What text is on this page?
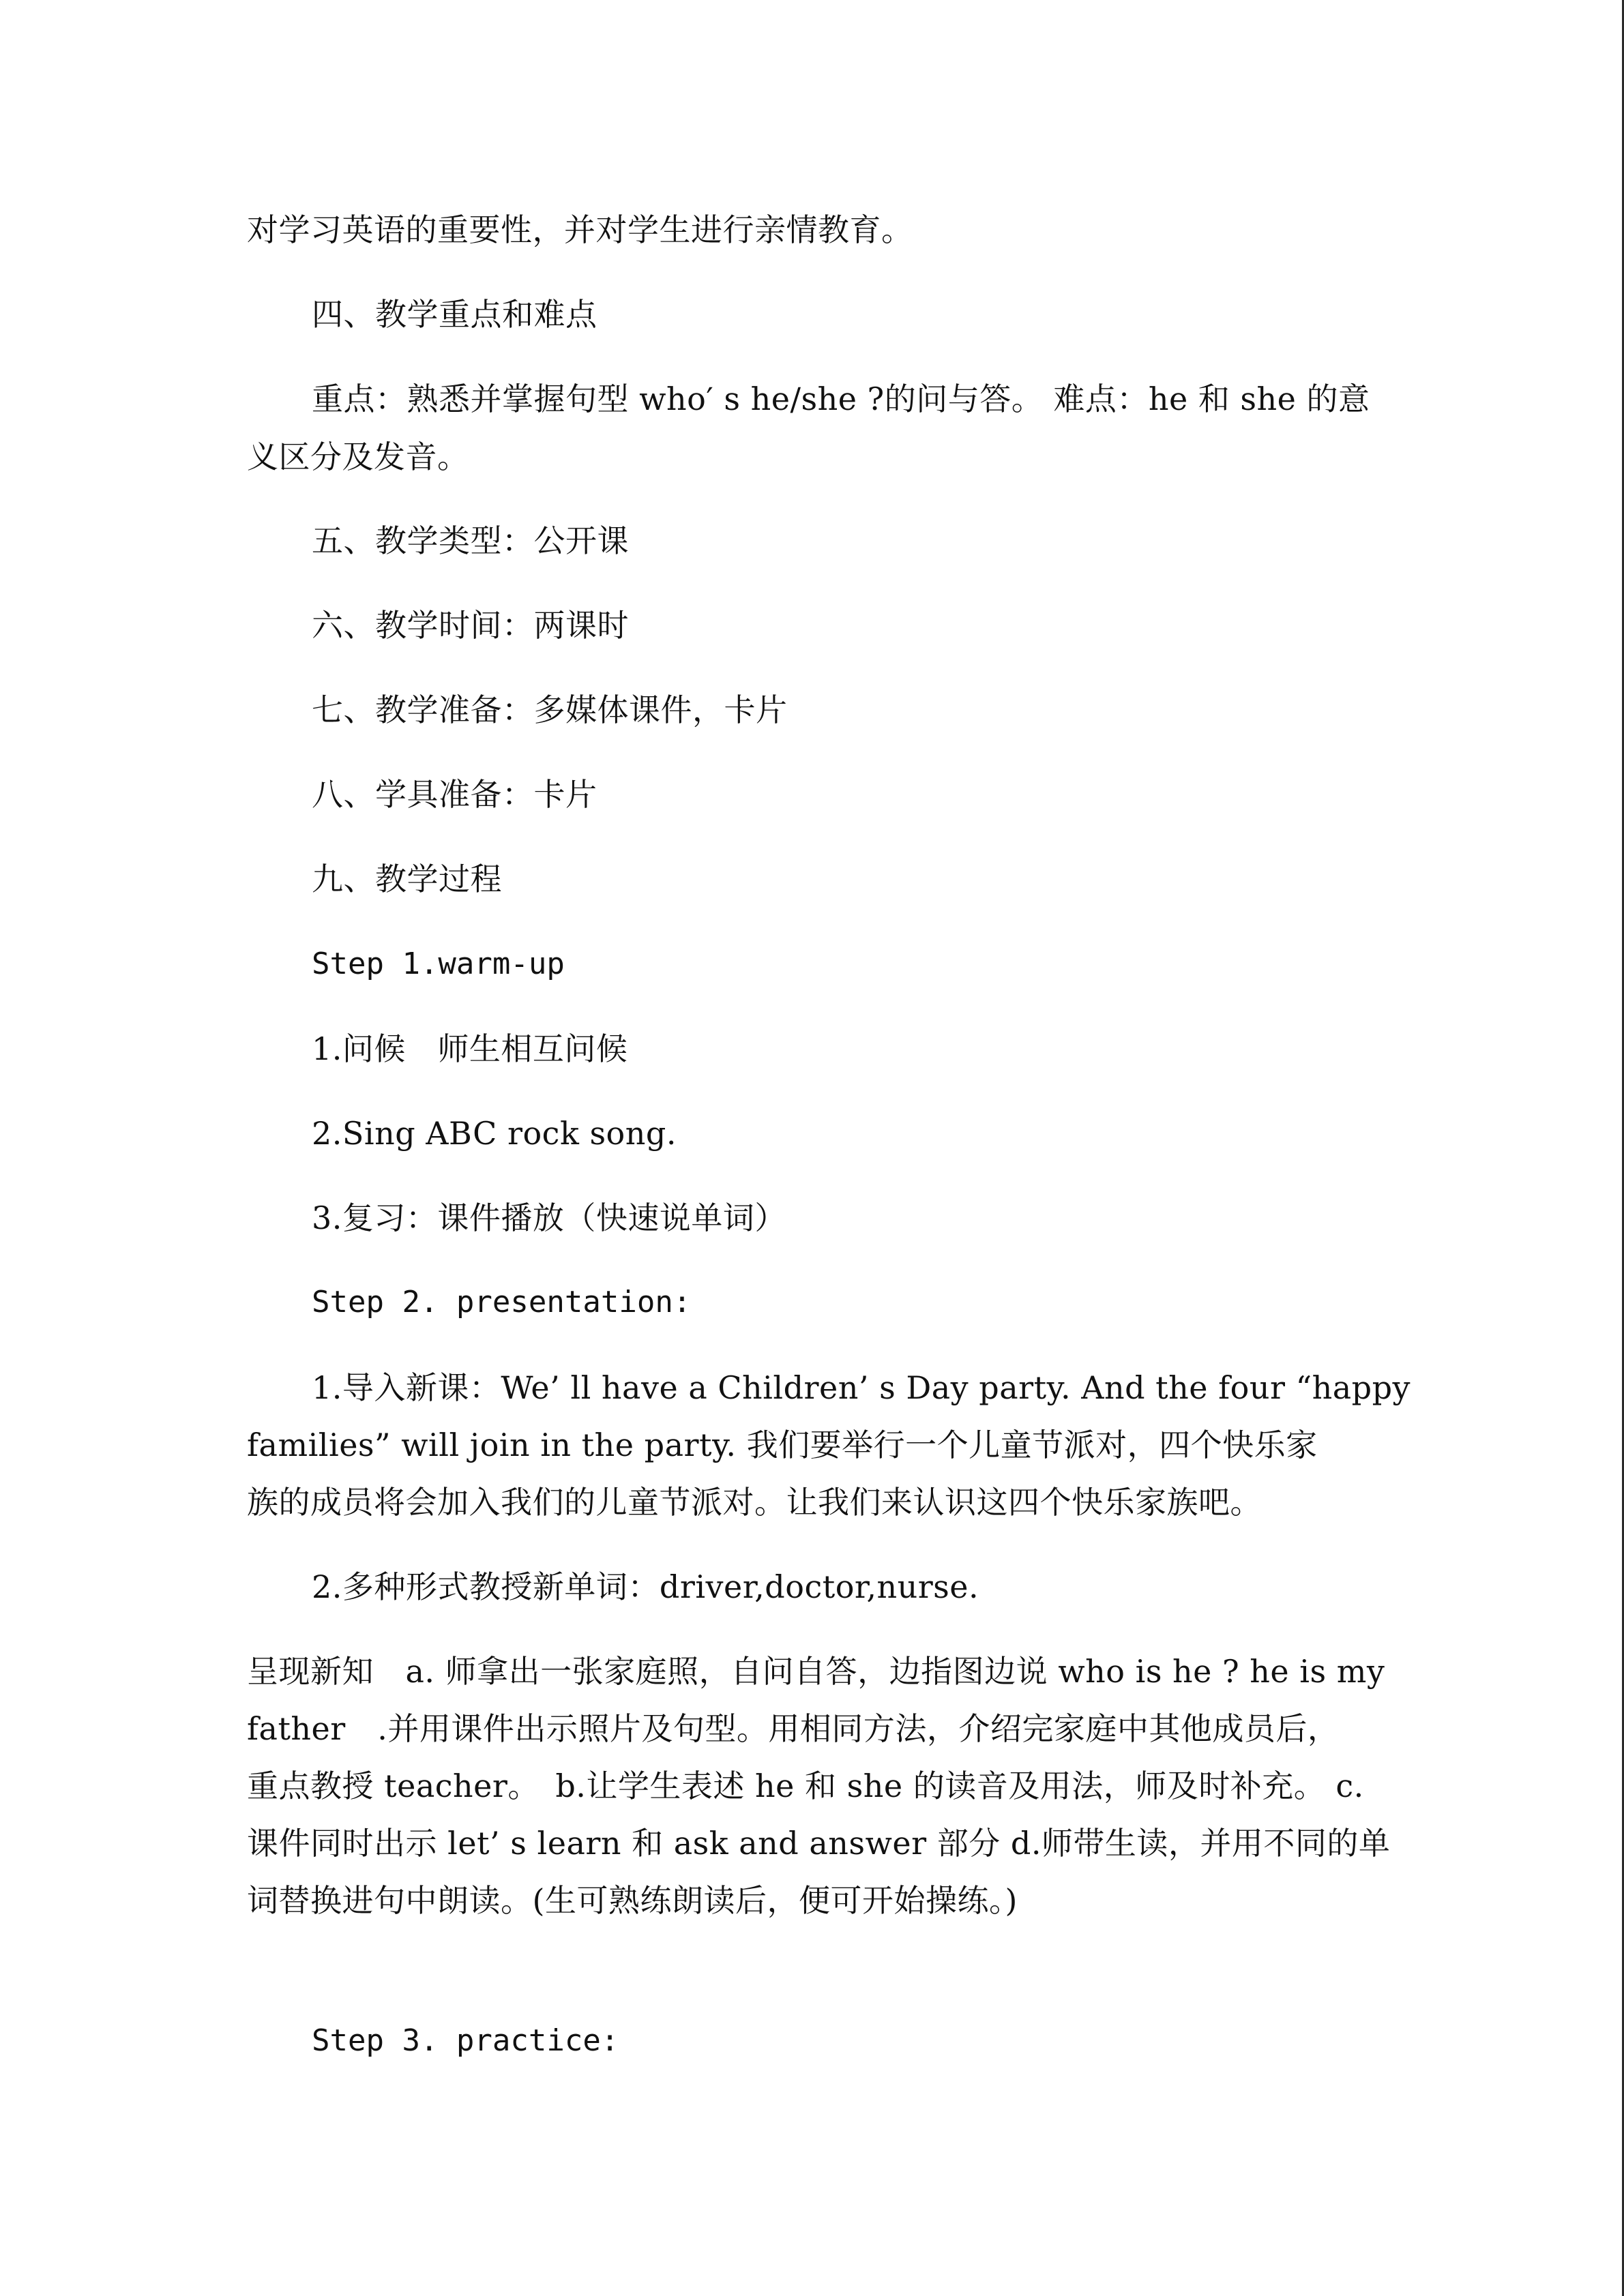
对学习英语的重要性，并对学生进行亲情教育。
四、教学重点和难点
重点：熟悉并掌握句型 who′ s he/she ?的问与答。 难点：he 和 she 的意
义区分及发音。
五、教学类型：公开课
六、教学时间：两课时
七、教学准备：多媒体课件，卡片
八、学具准备：卡片
九、教学过程
Step 1.warm-up
1.问候　师生相互问候
2.Sing ABC rock song.
3.复习：课件播放（快速说单词）
Step 2. presentation:
1.导入新课：We’ ll have a Children’ s Day party. And the four “happy
families” will join in the party. 我们要举行一个儿童节派对，四个快乐家
族的成员将会加入我们的儿童节派对。让我们来认识这四个快乐家族吧。
2.多种形式教授新单词：driver,doctor,nurse.
呈现新知　a. 师拿出一张家庭照，自问自答，边指图边说 who is he ? he is my
father　.并用课件出示照片及句型。用相同方法，介绍完家庭中其他成员后，
重点教授 teacher。　b.让学生表述 he 和 she 的读音及用法，师及时补充。 c.
课件同时出示 let’ s learn 和 ask and answer 部分 d.师带生读，并用不同的单
词替换进句中朗读。(生可熟练朗读后，便可开始操练。)
Step 3. practice:
